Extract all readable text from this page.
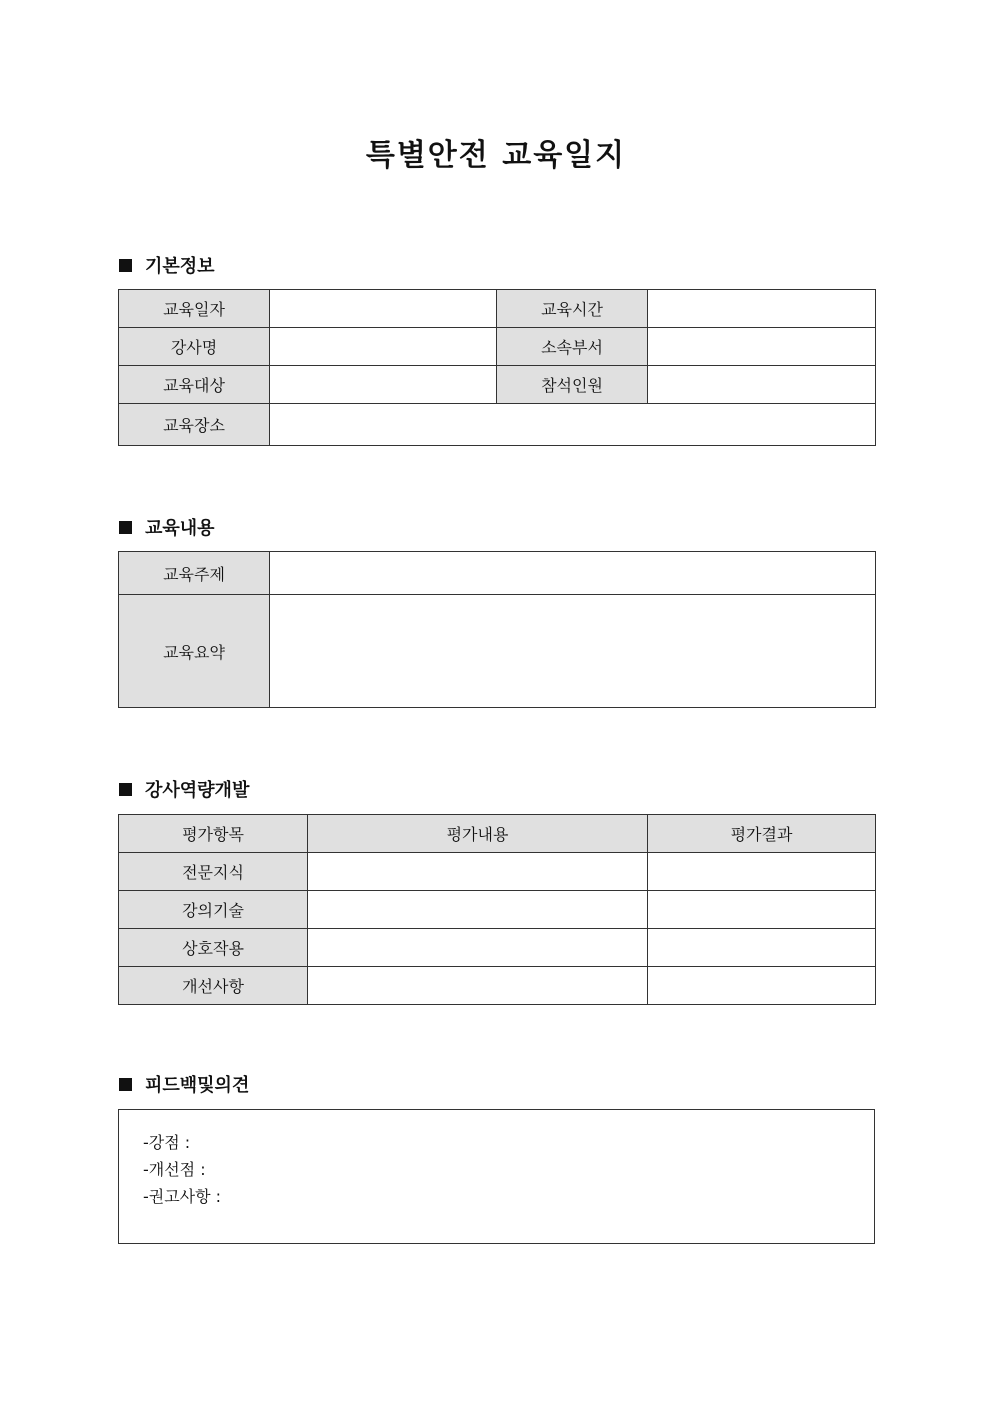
특별안전 교육일지
기본정보
교육일자		교육시간	
강사명		소속부서	
교육대상		참석인원	
교육장소			
교육내용
교육주제	
교육요약	
강사역량개발
평가항목	평가내용	평가결과
전문지식		
강의기술		
상호작용		
개선사항		
피드백및의견
-강점 :
-개선점 :
-권고사항 :
